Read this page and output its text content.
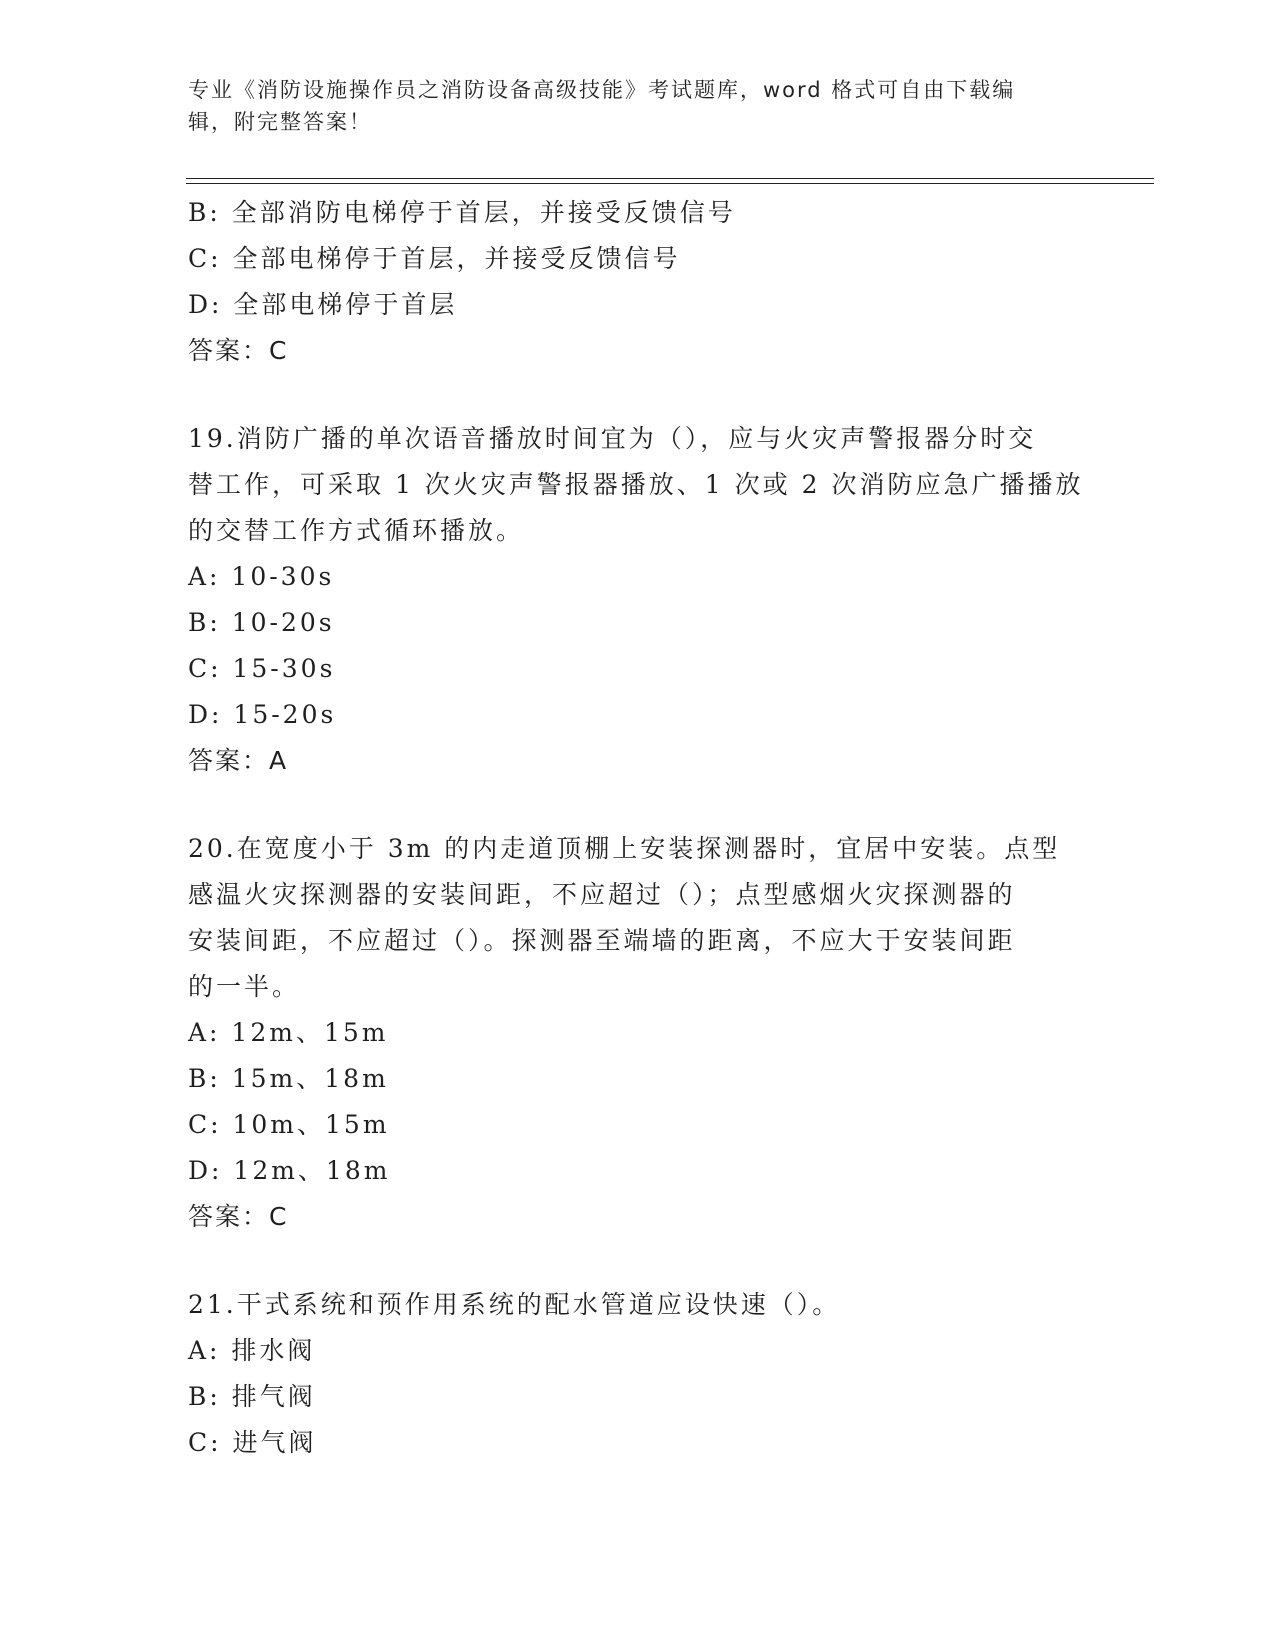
专业《消防设施操作员之消防设备高级技能》考试题库，word 格式可自由下载编
辑，附完整答案！
B: 全部消防电梯停于首层，并接受反馈信号
C: 全部电梯停于首层，并接受反馈信号
D: 全部电梯停于首层
答案：C
19.消防广播的单次语音播放时间宜为（），应与火灾声警报器分时交
替工作，可采取 1 次火灾声警报器播放、1 次或 2 次消防应急广播播放
的交替工作方式循环播放。
A: 10-30s
B: 10-20s
C: 15-30s
D: 15-20s
答案：A
20.在宽度小于 3m 的内走道顶棚上安装探测器时，宜居中安装。点型
感温火灾探测器的安装间距，不应超过（）；点型感烟火灾探测器的
安装间距，不应超过（）。探测器至端墙的距离，不应大于安装间距
的一半。
A: 12m、15m
B: 15m、18m
C: 10m、15m
D: 12m、18m
答案：C
21.干式系统和预作用系统的配水管道应设快速（）。
A: 排水阀
B: 排气阀
C: 进气阀
